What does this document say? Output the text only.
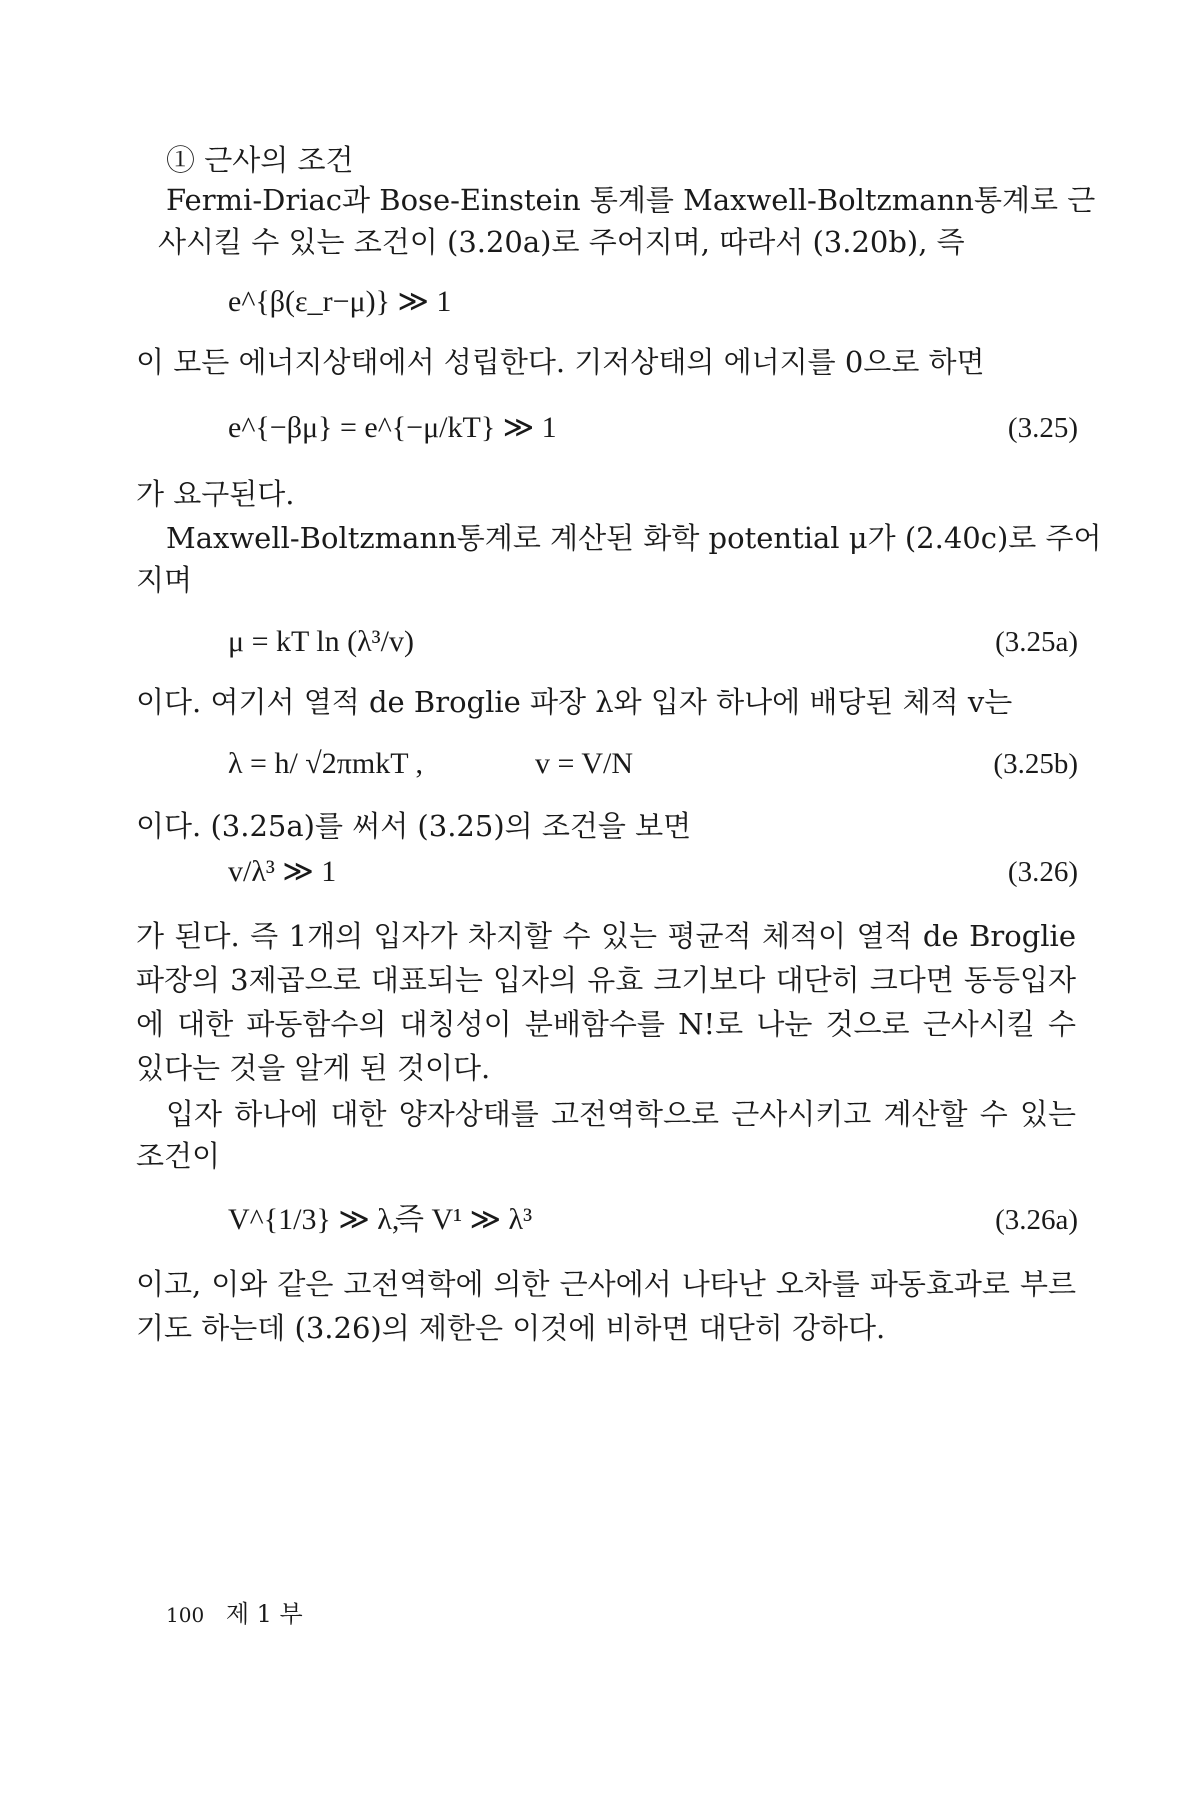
① 근사의 조건
Fermi-Driac과 Bose-Einstein 통계를 Maxwell-Boltzmann통계로 근
사시킬 수 있는 조건이 (3.20a)로 주어지며, 따라서 (3.20b), 즉
e^{β(ε_r−μ)} ≫ 1
이 모든 에너지상태에서 성립한다. 기저상태의 에너지를 0으로 하면
e^{−βμ} = e^{−μ/kT} ≫ 1	(3.25)
가 요구된다.
Maxwell-Boltzmann통계로 계산된 화학 potential μ가 (2.40c)로 주어
지며
μ = kT ln (λ³/v)	(3.25a)
이다. 여기서 열적 de Broglie 파장 λ와 입자 하나에 배당된 체적 v는
λ = h/ √2πmkT ,	v = V/N	(3.25b)
이다. (3.25a)를 써서 (3.25)의 조건을 보면
v/λ³ ≫ 1	(3.26)
가 된다. 즉 1개의 입자가 차지할 수 있는 평균적 체적이 열적 de Broglie
파장의 3제곱으로 대표되는 입자의 유효 크기보다 대단히 크다면 동등입자
에 대한 파동함수의 대칭성이 분배함수를 N!로 나눈 것으로 근사시킬 수
있다는 것을 알게 된 것이다.
입자 하나에 대한 양자상태를 고전역학으로 근사시키고 계산할 수 있는
조건이
V^{1/3} ≫ λ,
즉 V¹ ≫ λ³	(3.26a)
이고, 이와 같은 고전역학에 의한 근사에서 나타난 오차를 파동효과로 부르
기도 하는데 (3.26)의 제한은 이것에 비하면 대단히 강하다.
100 제 1 부
